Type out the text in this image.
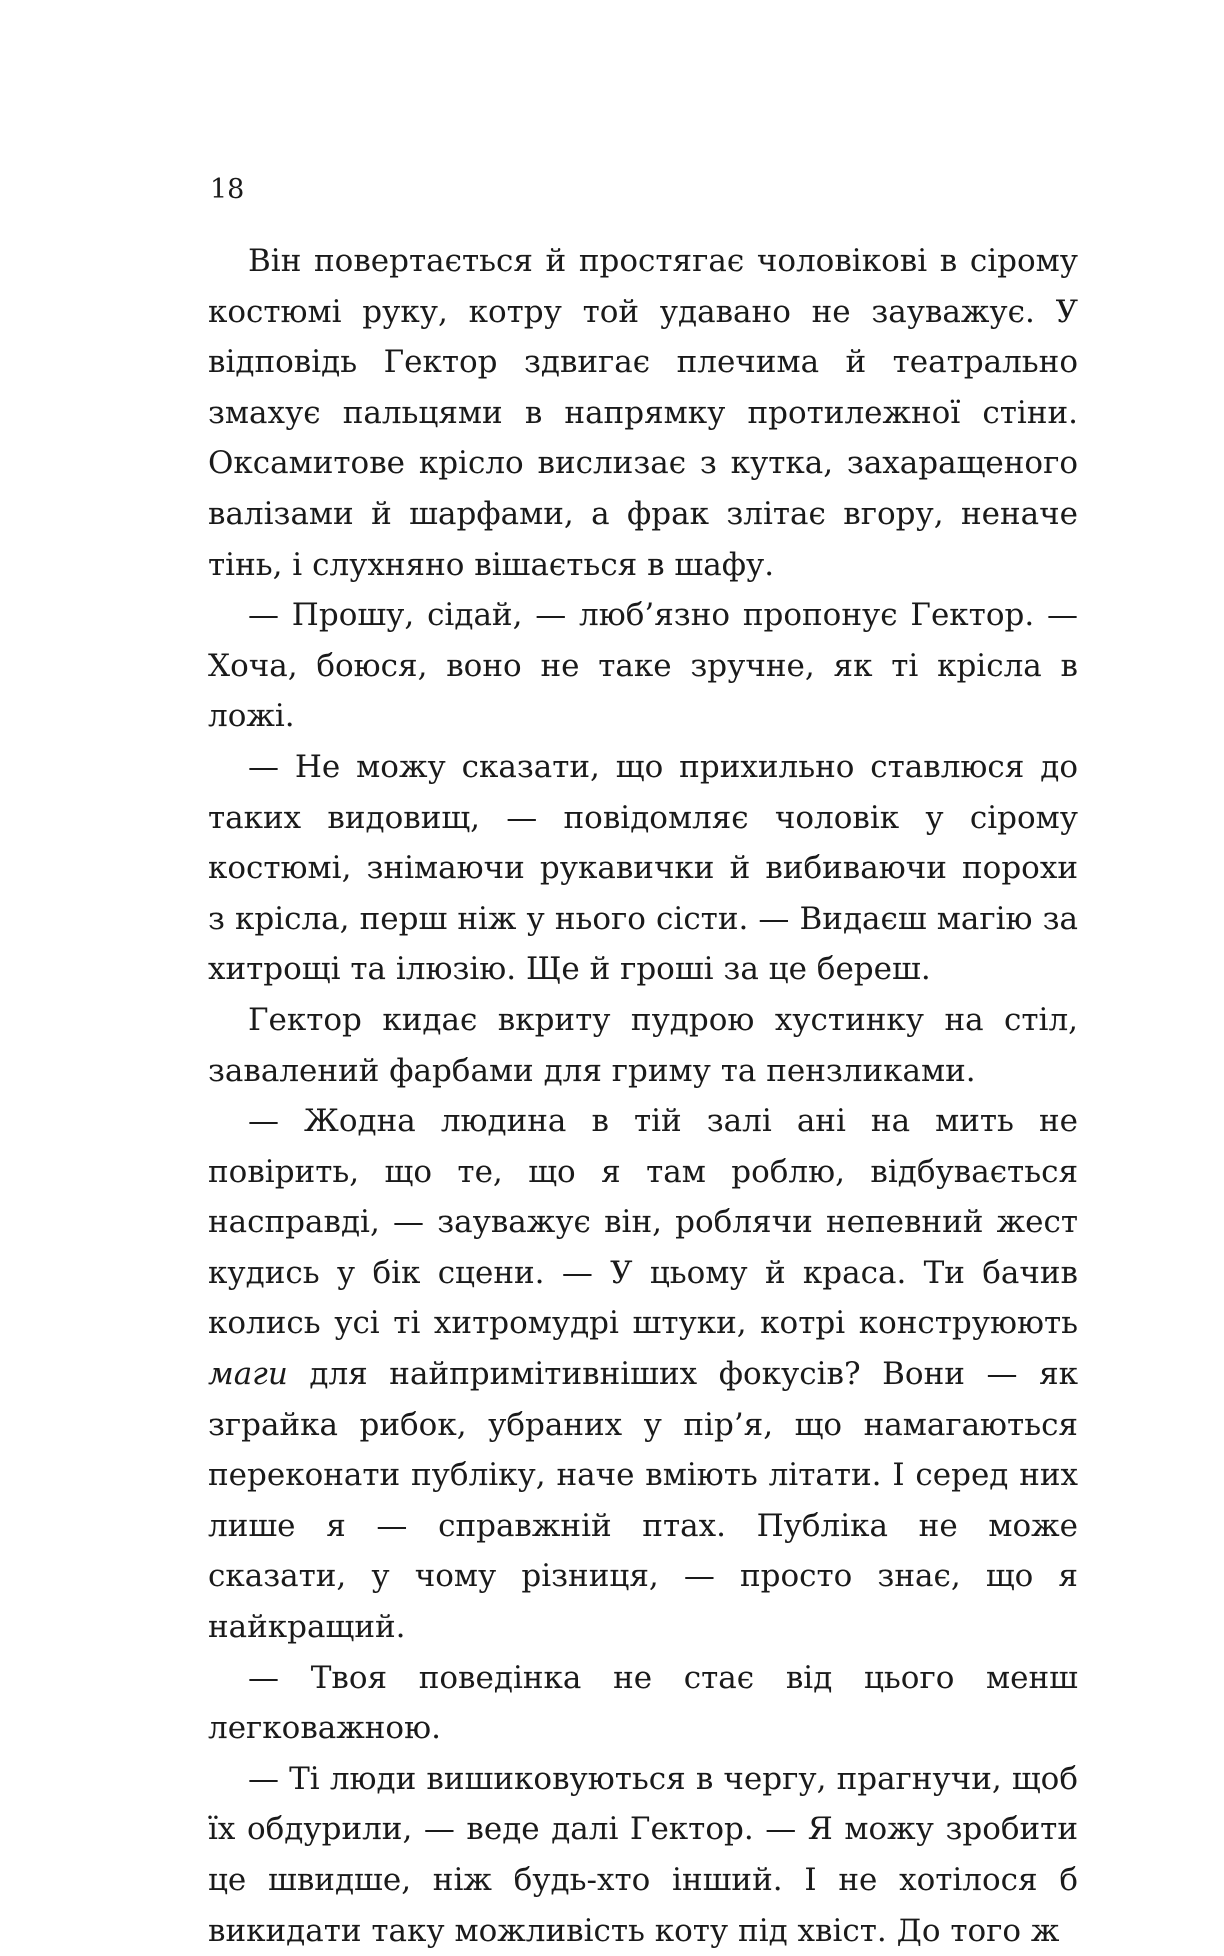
18

Він повертається й простягає чоловікові в сірому костюмі руку, котру той удавано не зауважує. У відповідь Гектор здвигає плечима й театрально змахує пальцями в напрямку протилежної стіни. Оксамитове крісло вислизає з кутка, захаращеного валізами й шарфами, а фрак злітає вгору, неначе тінь, і слухняно вішається в шафу.

— Прошу, сідай, — люб’язно пропонує Гектор. — Хоча, боюся, воно не таке зручне, як ті крісла в ложі.

— Не можу сказати, що прихильно ставлюся до таких видовищ, — повідомляє чоловік у сірому костюмі, знімаючи рукавички й вибиваючи порохи з крісла, перш ніж у нього сісти. — Видаєш магію за хитрощі та ілюзію. Ще й гроші за це береш.

Гектор кидає вкриту пудрою хустинку на стіл, завалений фарбами для гриму та пензликами.

— Жодна людина в тій залі ані на мить не повірить, що те, що я там роблю, відбувається насправді, — зауважує він, роблячи непевний жест кудись у бік сцени. — У цьому й краса. Ти бачив колись усі ті хитромудрі штуки, котрі конструюють маги для найпримітивніших фокусів? Вони — як зграйка рибок, убраних у пір’я, що намагаються переконати публіку, наче вміють літати. І серед них лише я — справжній птах. Публіка не може сказати, у чому різниця, — просто знає, що я найкращий.

— Твоя поведінка не стає від цього менш легковажною.

— Ті люди вишиковуються в чергу, прагнучи, щоб їх обдурили, — веде далі Гектор. — Я можу зробити це швидше, ніж будь-хто інший. І не хотілося б викидати таку можливість коту під хвіст. До того ж
